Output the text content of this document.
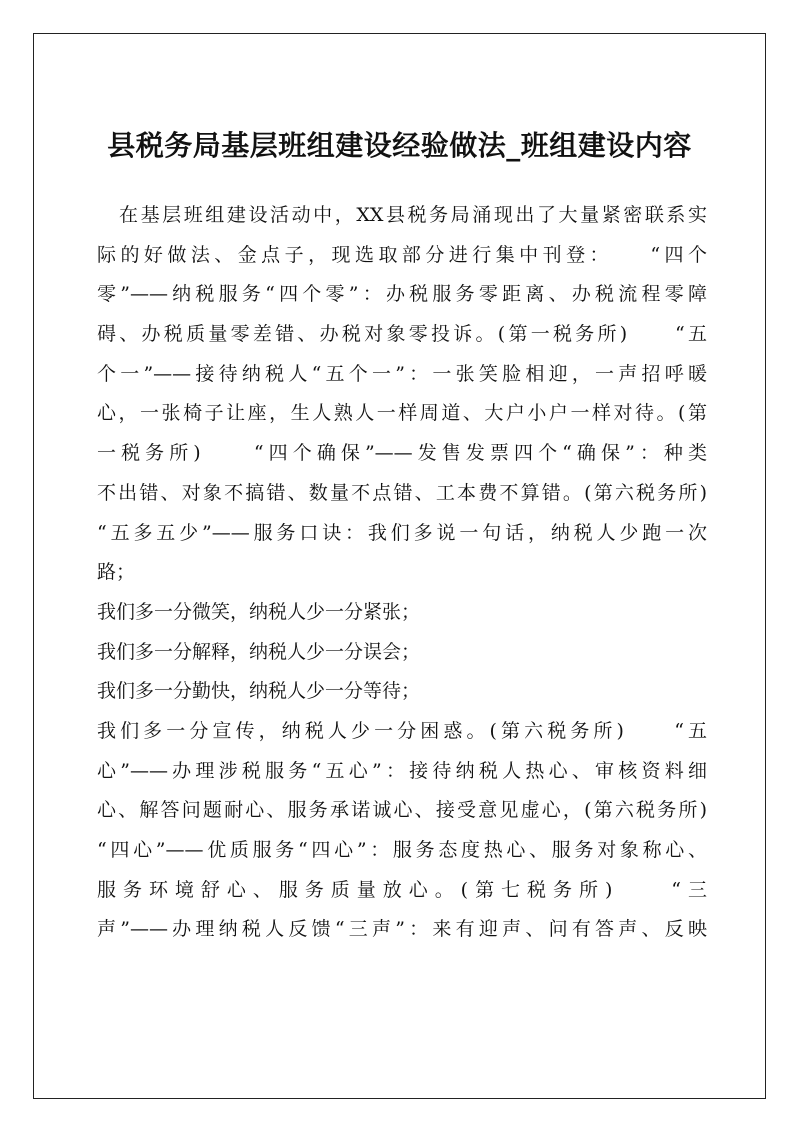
县税务局基层班组建设经验做法_班组建设内容
在基层班组建设活动中，XX县税务局涌现出了大量紧密联系实
际的好做法、金点子，现选取部分进行集中刊登：　　“四个
零”——纳税服务“四个零”：办税服务零距离、办税流程零障
碍、办税质量零差错、办税对象零投诉。(第一税务所)　　“五
个一”——接待纳税人“五个一”：一张笑脸相迎，一声招呼暖
心，一张椅子让座，生人熟人一样周道、大户小户一样对待。(第
一税务所)　　“四个确保”——发售发票四个“确保”：种类
不出错、对象不搞错、数量不点错、工本费不算错。(第六税务所)
“五多五少”——服务口诀：我们多说一句话，纳税人少跑一次
路；
我们多一分微笑，纳税人少一分紧张；
我们多一分解释，纳税人少一分误会；
我们多一分勤快，纳税人少一分等待；
我们多一分宣传，纳税人少一分困惑。(第六税务所)　　“五
心”——办理涉税服务“五心”：接待纳税人热心、审核资料细
心、解答问题耐心、服务承诺诚心、接受意见虚心，(第六税务所)
“四心”——优质服务“四心”：服务态度热心、服务对象称心、
服务环境舒心、服务质量放心。(第七税务所)　　“三
声”——办理纳税人反馈“三声”：来有迎声、问有答声、反映
